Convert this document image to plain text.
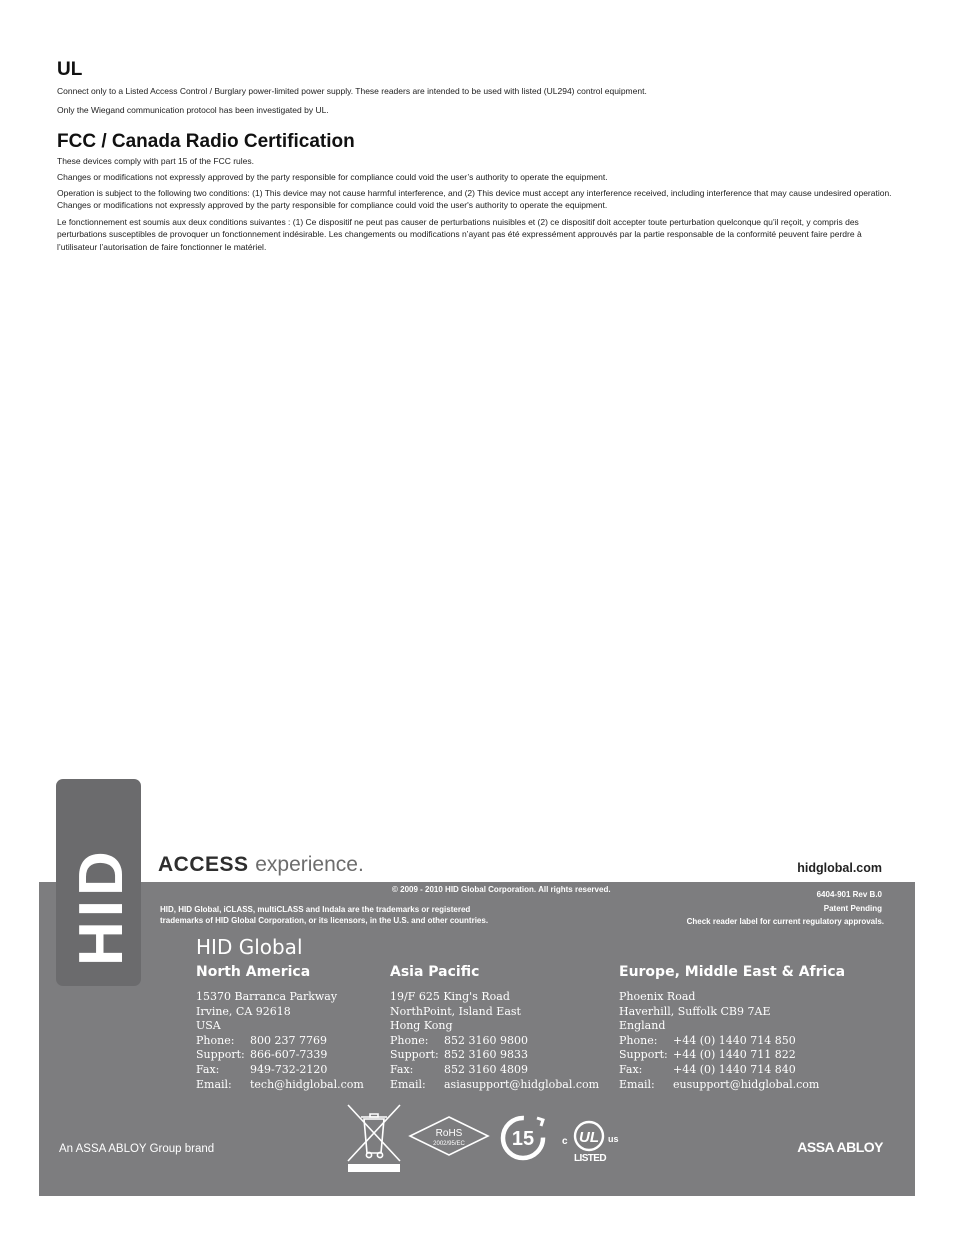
UL

Connect only to a Listed Access Control / Burglary power-limited power supply. These readers are intended to be used with listed (UL294) control equipment.

Only the Wiegand communication protocol has been investigated by UL.

FCC / Canada Radio Certification

These devices comply with part 15 of the FCC rules.

Changes or modifications not expressly approved by the party responsible for compliance could void the user’s authority to operate the equipment.

Operation is subject to the following two conditions: (1) This device may not cause harmful interference, and (2) This device must accept any interference received, including interference that may cause undesired operation. Changes or modifications not expressly approved by the party responsible for compliance could void the user's authority to operate the equipment.

Le fonctionnement est soumis aux deux conditions suivantes : (1) Ce dispositif ne peut pas causer de perturbations nuisibles et (2) ce dispositif doit accepter toute perturbation quelconque qu’il reçoit, y compris des perturbations susceptibles de provoquer un fonctionnement indésirable. Les changements ou modifications n’ayant pas été expressément approuvés par la partie responsable de la conformité peuvent faire perdre à l’utilisateur l’autorisation de faire fonctionner le matériel.

HID ACCESS experience.	hidglobal.com

© 2009 - 2010 HID Global Corporation. All rights reserved.

HID, HID Global, iCLASS, multiCLASS and Indala are the trademarks or registered

trademarks of HID Global Corporation, or its licensors, in the U.S. and other countries.

6404-901 Rev B.0

Patent Pending

Check reader label for current regulatory approvals.

HID Global

North America

15370 Barranca Parkway
Irvine, CA 92618
USA
Phone:	800 237 7769
Support: 866-607-7339
Fax:	949-732-2120
Email:	tech@hidglobal.com

Asia Pacific

19/F 625 King's Road
NorthPoint, Island East
Hong Kong
Phone:	852 3160 9800
Support: 852 3160 9833
Fax:	852 3160 4809
Email:	asiasupport@hidglobal.com

Europe, Middle East & Africa

Phoenix Road
Haverhill, Suffolk CB9 7AE
England
Phone:	+44 (0) 1440 714 850
Support: +44 (0) 1440 711 822
Fax:	+44 (0) 1440 714 840
Email:	eusupport@hidglobal.com

An ASSA ABLOY Group brand	ASSA ABLOY

RoHS
2002/95/EC 15	c UL us
LISTED
